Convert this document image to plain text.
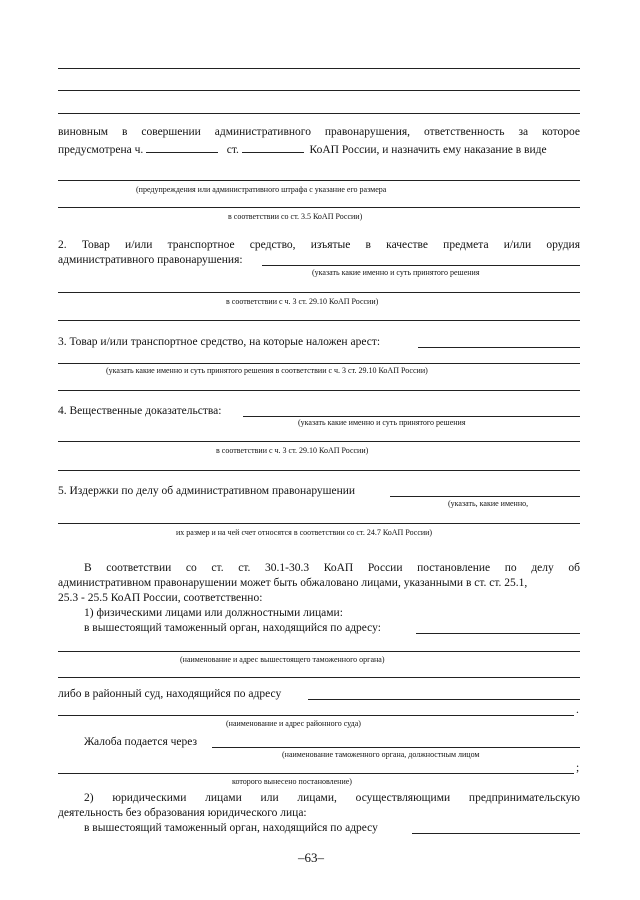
виновным в совершении административного правонарушения, ответственность за которое
предусмотрена ч.	ст.	КоАП России, и назначить ему наказание в виде
(предупреждения или административного штрафа с указание его размера
в соответствии со ст. 3.5 КоАП России)
2. Товар и/или транспортное средство, изъятые в качестве предмета и/или орудия
административного правонарушения:
(указать какие именно и суть принятого решения
в соответствии с ч. 3 ст. 29.10 КоАП России)
3. Товар и/или транспортное средство, на которые наложен арест:
(указать какие именно и суть принятого решения в соответствии с ч. 3 ст. 29.10 КоАП России)
4. Вещественные доказательства:
(указать какие именно и суть принятого решения
в соответствии с ч. 3 ст. 29.10 КоАП России)
5. Издержки по делу об административном правонарушении
(указать, какие именно,
их размер и на чей счет относятся в соответствии со ст. 24.7 КоАП России)
В соответствии со ст. ст. 30.1-30.3 КоАП России постановление по делу об
административном правонарушении может быть обжаловано лицами, указанными в ст. ст. 25.1,
25.3 - 25.5 КоАП России, соответственно:
1) физическими лицами или должностными лицами:
в вышестоящий таможенный орган, находящийся по адресу:
(наименование и адрес вышестоящего таможенного органа)
либо в районный суд, находящийся по адресу
.
(наименование и адрес районного суда)
Жалоба подается через
(наименование таможенного органа, должностным лицом
;
которого вынесено постановление)
2) юридическими лицами или лицами, осуществляющими предпринимательскую
деятельность без образования юридического лица:
в вышестоящий таможенный орган, находящийся по адресу
–63–
